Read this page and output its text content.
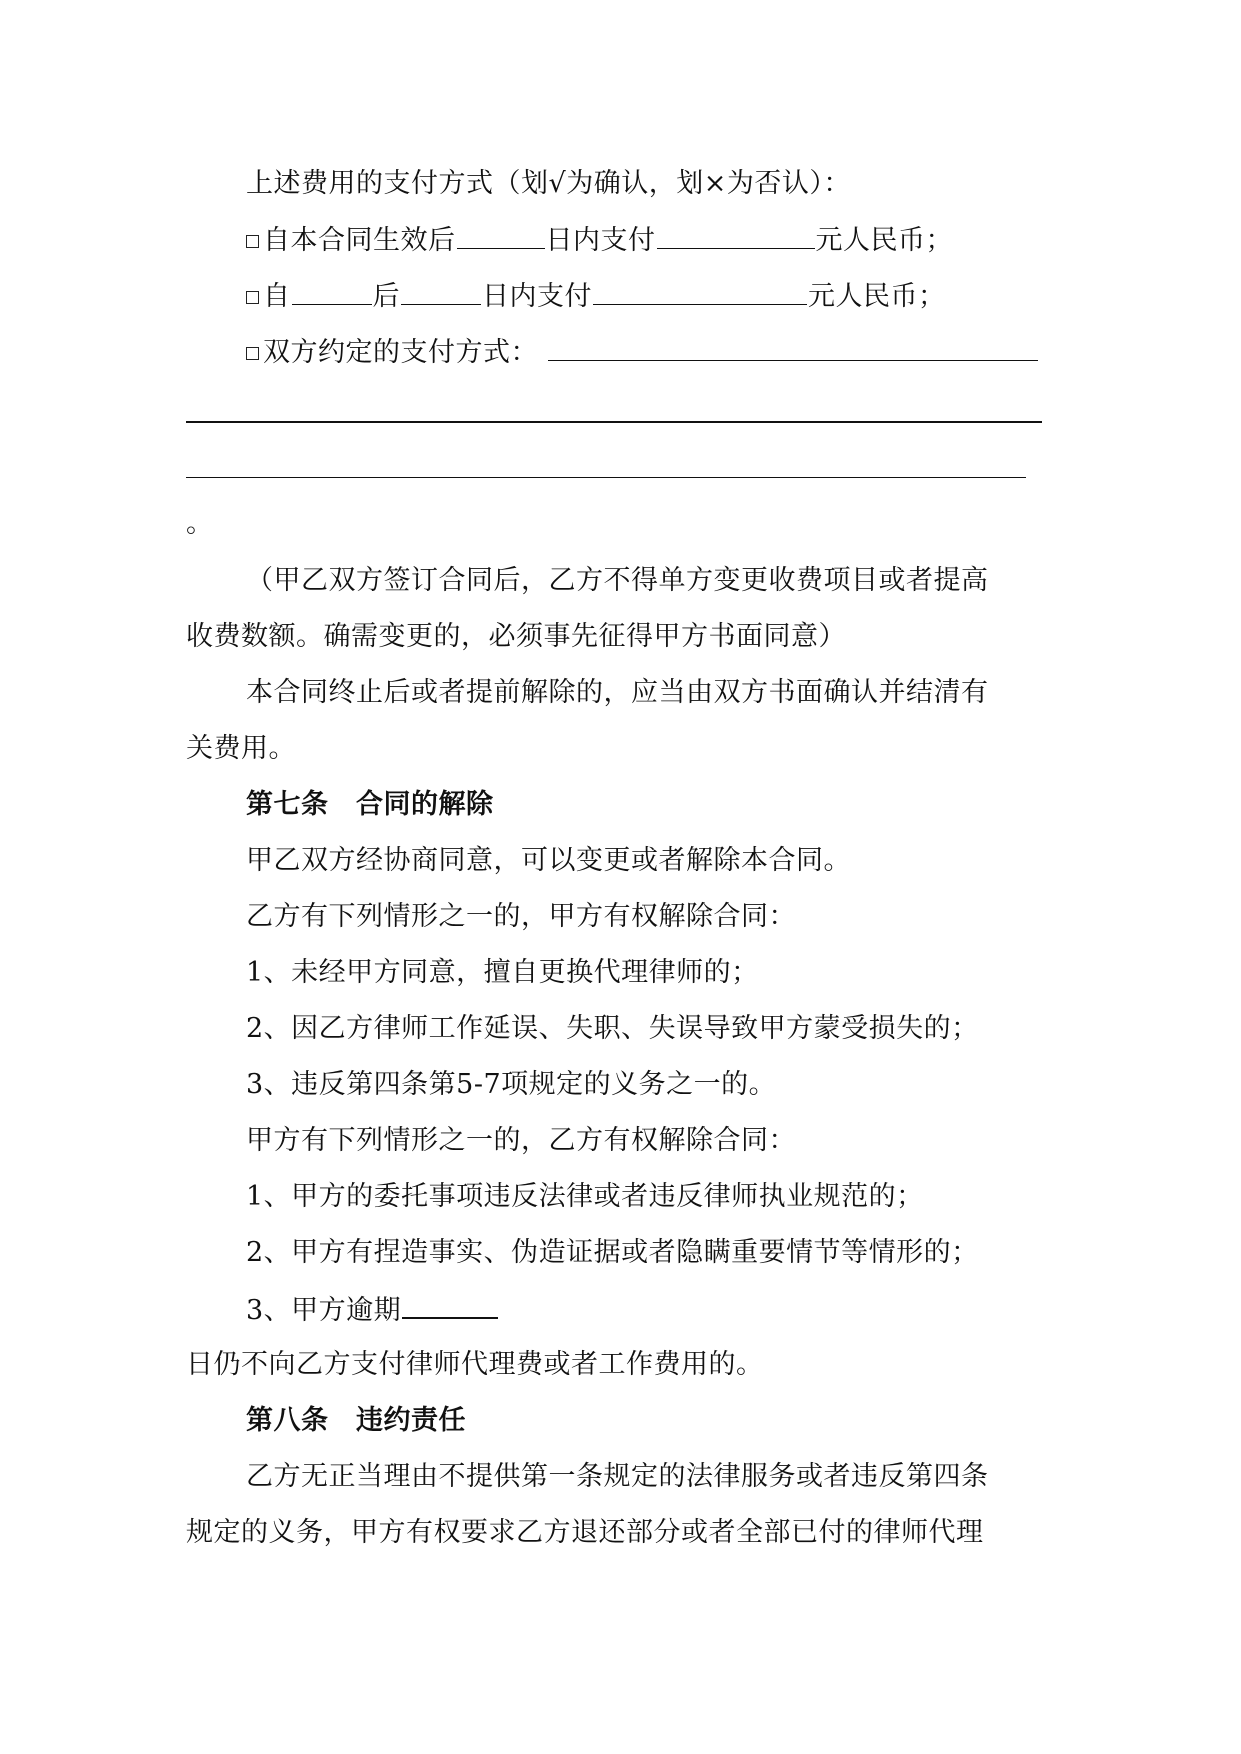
上述费用的支付方式（划√为确认，划×为否认）：
自本合同生效后	日内支付	元人民币；
自	后	日内支付	元人民币；
双方约定的支付方式：
。
（甲乙双方签订合同后，乙方不得单方变更收费项目或者提高
收费数额。确需变更的，必须事先征得甲方书面同意）
本合同终止后或者提前解除的，应当由双方书面确认并结清有
关费用。
第七条　合同的解除
甲乙双方经协商同意，可以变更或者解除本合同。
乙方有下列情形之一的，甲方有权解除合同：
1、未经甲方同意，擅自更换代理律师的；
2、因乙方律师工作延误、失职、失误导致甲方蒙受损失的；
3、违反第四条第5-7项规定的义务之一的。
甲方有下列情形之一的，乙方有权解除合同：
1、甲方的委托事项违反法律或者违反律师执业规范的；
2、甲方有捏造事实、伪造证据或者隐瞒重要情节等情形的；
3、甲方逾期
日仍不向乙方支付律师代理费或者工作费用的。
第八条　违约责任
乙方无正当理由不提供第一条规定的法律服务或者违反第四条
规定的义务，甲方有权要求乙方退还部分或者全部已付的律师代理
